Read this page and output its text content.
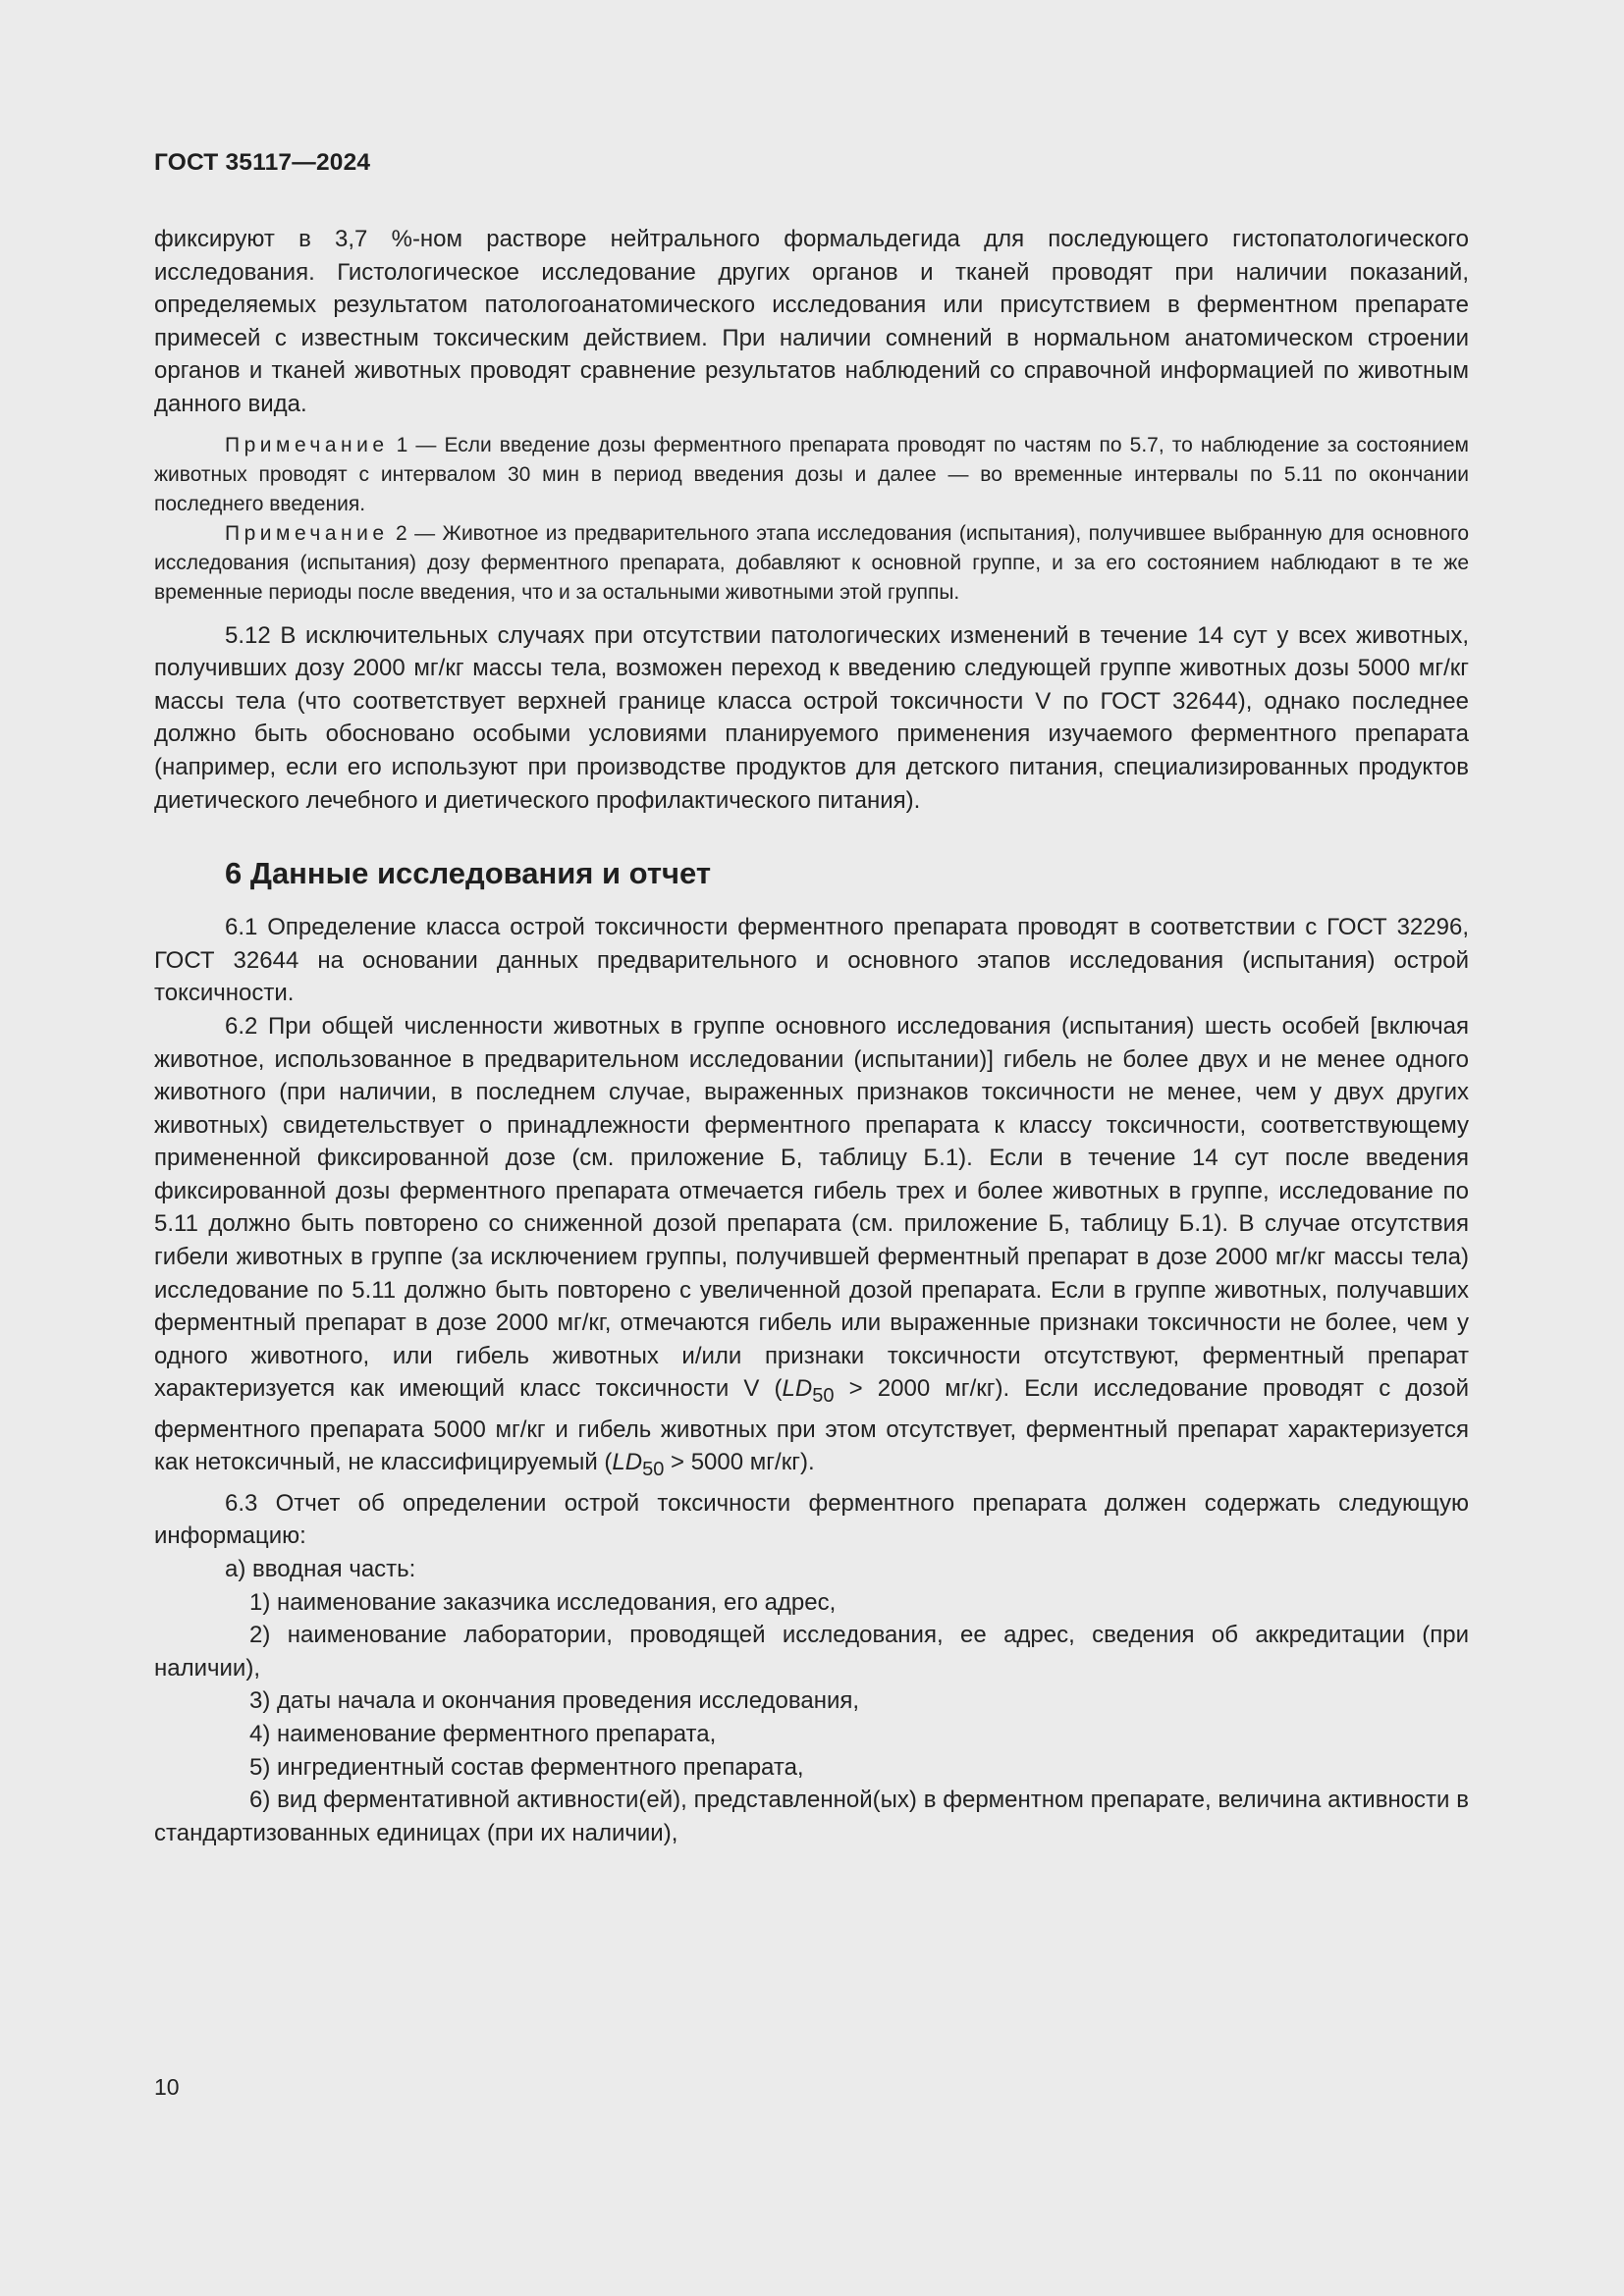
ГОСТ 35117—2024

фиксируют в 3,7 %-ном растворе нейтрального формальдегида для последующего гистопатологического исследования. Гистологическое исследование других органов и тканей проводят при наличии показаний, определяемых результатом патологоанатомического исследования или присутствием в ферментном препарате примесей с известным токсическим действием. При наличии сомнений в нормальном анатомическом строении органов и тканей животных проводят сравнение результатов наблюдений со справочной информацией по животным данного вида.

Примечание 1 — Если введение дозы ферментного препарата проводят по частям по 5.7, то наблюдение за состоянием животных проводят с интервалом 30 мин в период введения дозы и далее — во временные интервалы по 5.11 по окончании последнего введения.
Примечание 2 — Животное из предварительного этапа исследования (испытания), получившее выбранную для основного исследования (испытания) дозу ферментного препарата, добавляют к основной группе, и за его состоянием наблюдают в те же временные периоды после введения, что и за остальными животными этой группы.

5.12 В исключительных случаях при отсутствии патологических изменений в течение 14 сут у всех животных, получивших дозу 2000 мг/кг массы тела, возможен переход к введению следующей группе животных дозы 5000 мг/кг массы тела (что соответствует верхней границе класса острой токсичности V по ГОСТ 32644), однако последнее должно быть обосновано особыми условиями планируемого применения изучаемого ферментного препарата (например, если его используют при производстве продуктов для детского питания, специализированных продуктов диетического лечебного и диетического профилактического питания).

6 Данные исследования и отчет

6.1 Определение класса острой токсичности ферментного препарата проводят в соответствии с ГОСТ 32296, ГОСТ 32644 на основании данных предварительного и основного этапов исследования (испытания) острой токсичности.

6.2 При общей численности животных в группе основного исследования (испытания) шесть особей [включая животное, использованное в предварительном исследовании (испытании)] гибель не более двух и не менее одного животного (при наличии, в последнем случае, выраженных признаков токсичности не менее, чем у двух других животных) свидетельствует о принадлежности ферментного препарата к классу токсичности, соответствующему примененной фиксированной дозе (см. приложение Б, таблицу Б.1). Если в течение 14 сут после введения фиксированной дозы ферментного препарата отмечается гибель трех и более животных в группе, исследование по 5.11 должно быть повторено со сниженной дозой препарата (см. приложение Б, таблицу Б.1). В случае отсутствия гибели животных в группе (за исключением группы, получившей ферментный препарат в дозе 2000 мг/кг массы тела) исследование по 5.11 должно быть повторено с увеличенной дозой препарата. Если в группе животных, получавших ферментный препарат в дозе 2000 мг/кг, отмечаются гибель или выраженные признаки токсичности не более, чем у одного животного, или гибель животных и/или признаки токсичности отсутствуют, ферментный препарат характеризуется как имеющий класс токсичности V ($LD_{50} > 2000$ мг/кг). Если исследование проводят с дозой ферментного препарата 5000 мг/кг и гибель животных при этом отсутствует, ферментный препарат характеризуется как нетоксичный, не классифицируемый ($LD_{50} > 5000$ мг/кг).

6.3 Отчет об определении острой токсичности ферментного препарата должен содержать следующую информацию:

а) вводная часть:

1) наименование заказчика исследования, его адрес,

2) наименование лаборатории, проводящей исследования, ее адрес, сведения об аккредитации (при наличии),

3) даты начала и окончания проведения исследования,

4) наименование ферментного препарата,

5) ингредиентный состав ферментного препарата,

6) вид ферментативной активности(ей), представленной(ых) в ферментном препарате, величина активности в стандартизованных единицах (при их наличии),

10
